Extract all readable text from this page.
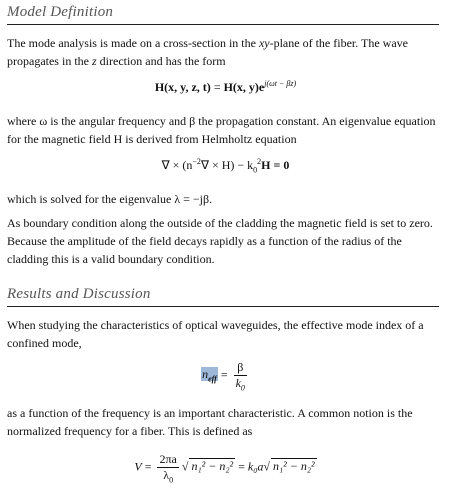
Model Definition
The mode analysis is made on a cross-section in the xy-plane of the fiber. The wave propagates in the z direction and has the form
H(x, y, z, t) = H(x, $y)e^{j(\omega t - \beta z)}$
where ω is the angular frequency and β the propagation constant. An eigenvalue equation for the magnetic field H is derived from Helmholtz equation
∇ × $(n^{-2}\nabla \times H) - k_0^2H = 0$
which is solved for the eigenvalue λ = −jβ.
As boundary condition along the outside of the cladding the magnetic field is set to zero. Because the amplitude of the field decays rapidly as a function of the radius of the cladding this is a valid boundary condition.
Results and Discussion
When studying the characteristics of optical waveguides, the effective mode index of a confined mode,
$n_{eff} = \frac{\beta}{k_0}$
as a function of the frequency is an important characteristic. A common notion is the normalized frequency for a fiber. This is defined as
$V = \frac{2\pi a}{\lambda_0}$ √ n₁² − n₂² = k₀a√ n₁² − n₂²
